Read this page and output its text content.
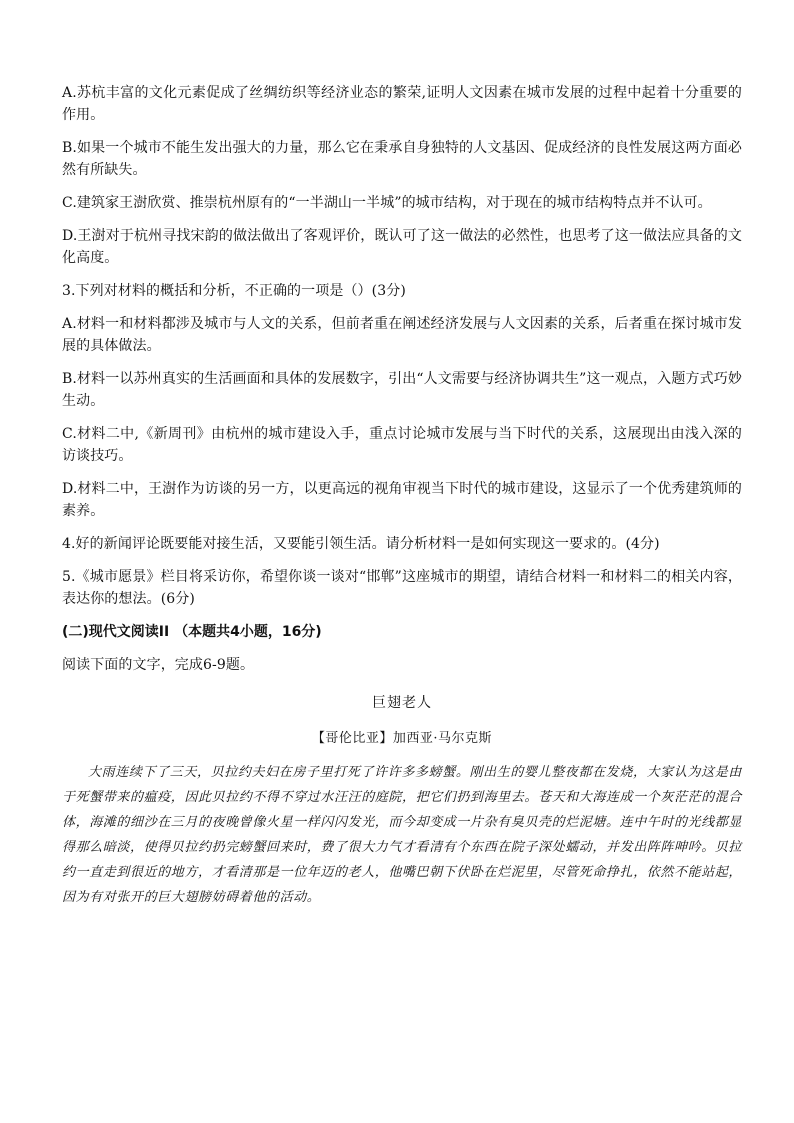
A.苏杭丰富的文化元素促成了丝绸纺织等经济业态的繁荣,证明人文因素在城市发展的过程中起着十分重要的作用。

B.如果一个城市不能生发出强大的力量，那么它在秉承自身独特的人文基因、促成经济的良性发展这两方面必然有所缺失。

C.建筑家王澍欣赏、推崇杭州原有的“一半湖山一半城”的城市结构，对于现在的城市结构特点并不认可。

D.王澍对于杭州寻找宋韵的做法做出了客观评价，既认可了这一做法的必然性，也思考了这一做法应具备的文化高度。

3.下列对材料的概括和分析，不正确的一项是（）(3分)

A.材料一和材料都涉及城市与人文的关系，但前者重在阐述经济发展与人文因素的关系，后者重在探讨城市发展的具体做法。

B.材料一以苏州真实的生活画面和具体的发展数字，引出“人文需要与经济协调共生”这一观点，入题方式巧妙生动。

C.材料二中,《新周刊》由杭州的城市建设入手，重点讨论城市发展与当下时代的关系，这展现出由浅入深的访谈技巧。

D.材料二中，王澍作为访谈的另一方，以更高远的视角审视当下时代的城市建设，这显示了一个优秀建筑师的素养。

4.好的新闻评论既要能对接生活，又要能引领生活。请分析材料一是如何实现这一要求的。(4分)

5.《城市愿景》栏目将采访你，希望你谈一谈对“邯郸”这座城市的期望，请结合材料一和材料二的相关内容，表达你的想法。(6分)

(二)现代文阅读II （本题共4小题，16分)

阅读下面的文字，完成6-9题。

巨翅老人

【哥伦比亚】加西亚·马尔克斯

大雨连续下了三天，贝拉约夫妇在房子里打死了许许多多螃蟹。刚出生的婴儿整夜都在发烧，大家认为这是由于死蟹带来的瘟疫，因此贝拉约不得不穿过水汪汪的庭院，把它们扔到海里去。苍天和大海连成一个灰茫茫的混合体，海滩的细沙在三月的夜晚曾像火星一样闪闪发光，而今却变成一片杂有臭贝壳的烂泥塘。连中午时的光线都显得那么暗淡，使得贝拉约扔完螃蟹回来时，费了很大力气才看清有个东西在院子深处蠕动，并发出阵阵呻吟。贝拉约一直走到很近的地方，才看清那是一位年迈的老人，他嘴巴朝下伏卧在烂泥里，尽管死命挣扎，依然不能站起，因为有对张开的巨大翅膀妨碍着他的活动。
